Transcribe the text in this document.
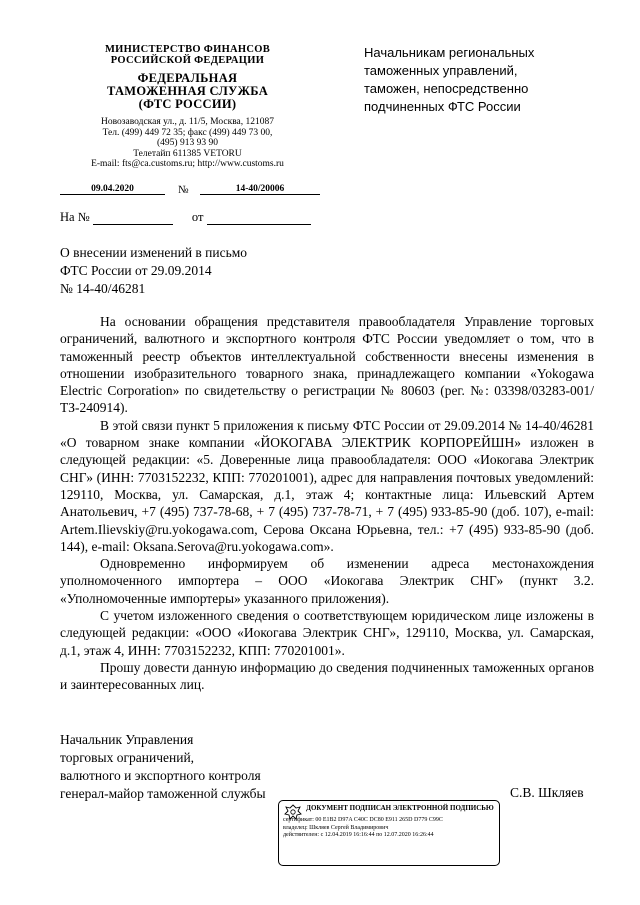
МИНИСТЕРСТВО ФИНАНСОВ
РОССИЙСКОЙ ФЕДЕРАЦИИ
ФЕДЕРАЛЬНАЯ
ТАМОЖЕННАЯ СЛУЖБА
(ФТС РОССИИ)
Новозаводская ул., д. 11/5, Москва, 121087
Тел. (499) 449 72 35; факс (499) 449 73 00,
(495) 913 93 90
Телетайп 611385 VETORU
E-mail: fts@ca.customs.ru; http://www.customs.ru
09.04.2020	№	14-40/20006
На №	от
Начальникам региональных
таможенных управлений,
таможен, непосредственно
подчиненных ФТС России
О внесении изменений в письмо
ФТС России от 29.09.2014
№ 14-40/46281

На основании обращения представителя правообладателя Управление торговых ограничений, валютного и экспортного контроля ФТС России уведомляет о том, что в таможенный реестр объектов интеллектуальной собственности внесены изменения в отношении изобразительного товарного знака, принадлежащего компании «Yokogawa Electric Corporation» по свидетельству о регистрации № 80603 (рег. №: 03398/03283-001/ТЗ-240914).

В этой связи пункт 5 приложения к письму ФТС России от 29.09.2014 № 14-40/46281 «О товарном знаке компании «ЙОКОГАВА ЭЛЕКТРИК КОРПОРЕЙШН» изложен в следующей редакции: «5. Доверенные лица правообладателя: ООО «Иокогава Электрик СНГ» (ИНН: 7703152232, КПП: 770201001), адрес для направления почтовых уведомлений: 129110, Москва, ул. Самарская, д.1, этаж 4; контактные лица: Ильевский Артем Анатольевич, +7 (495) 737-78-68, + 7 (495) 737-78-71, + 7 (495) 933-85-90 (доб. 107), e-mail: Artem.Ilievskiy@ru.yokogawa.com, Серова Оксана Юрьевна, тел.: +7 (495) 933-85-90 (доб. 144), e-mail: Oksana.Serova@ru.yokogawa.com».

Одновременно информируем об изменении адреса местонахождения уполномоченного импортера – ООО «Иокогава Электрик СНГ» (пункт 3.2. «Уполномоченные импортеры» указанного приложения).

С учетом изложенного сведения о соответствующем юридическом лице изложены в следующей редакции: «ООО «Иокогава Электрик СНГ», 129110, Москва, ул. Самарская, д.1, этаж 4, ИНН: 7703152232, КПП: 770201001».

Прошу довести данную информацию до сведения подчиненных таможенных органов и заинтересованных лиц.

Начальник Управления
торговых ограничений,
валютного и экспортного контроля
генерал-майор таможенной службы	С.В. Шкляев
ДОКУМЕНТ ПОДПИСАН ЭЛЕКТРОННОЙ ПОДПИСЬЮ
сертификат: 00 E1B2 D97A C40C DC80 E911 265D D779 C99C
владелец: Шкляев Сергей Владимирович
действителен: с 12.04.2019 16:16:44 по 12.07.2020 16:26:44
